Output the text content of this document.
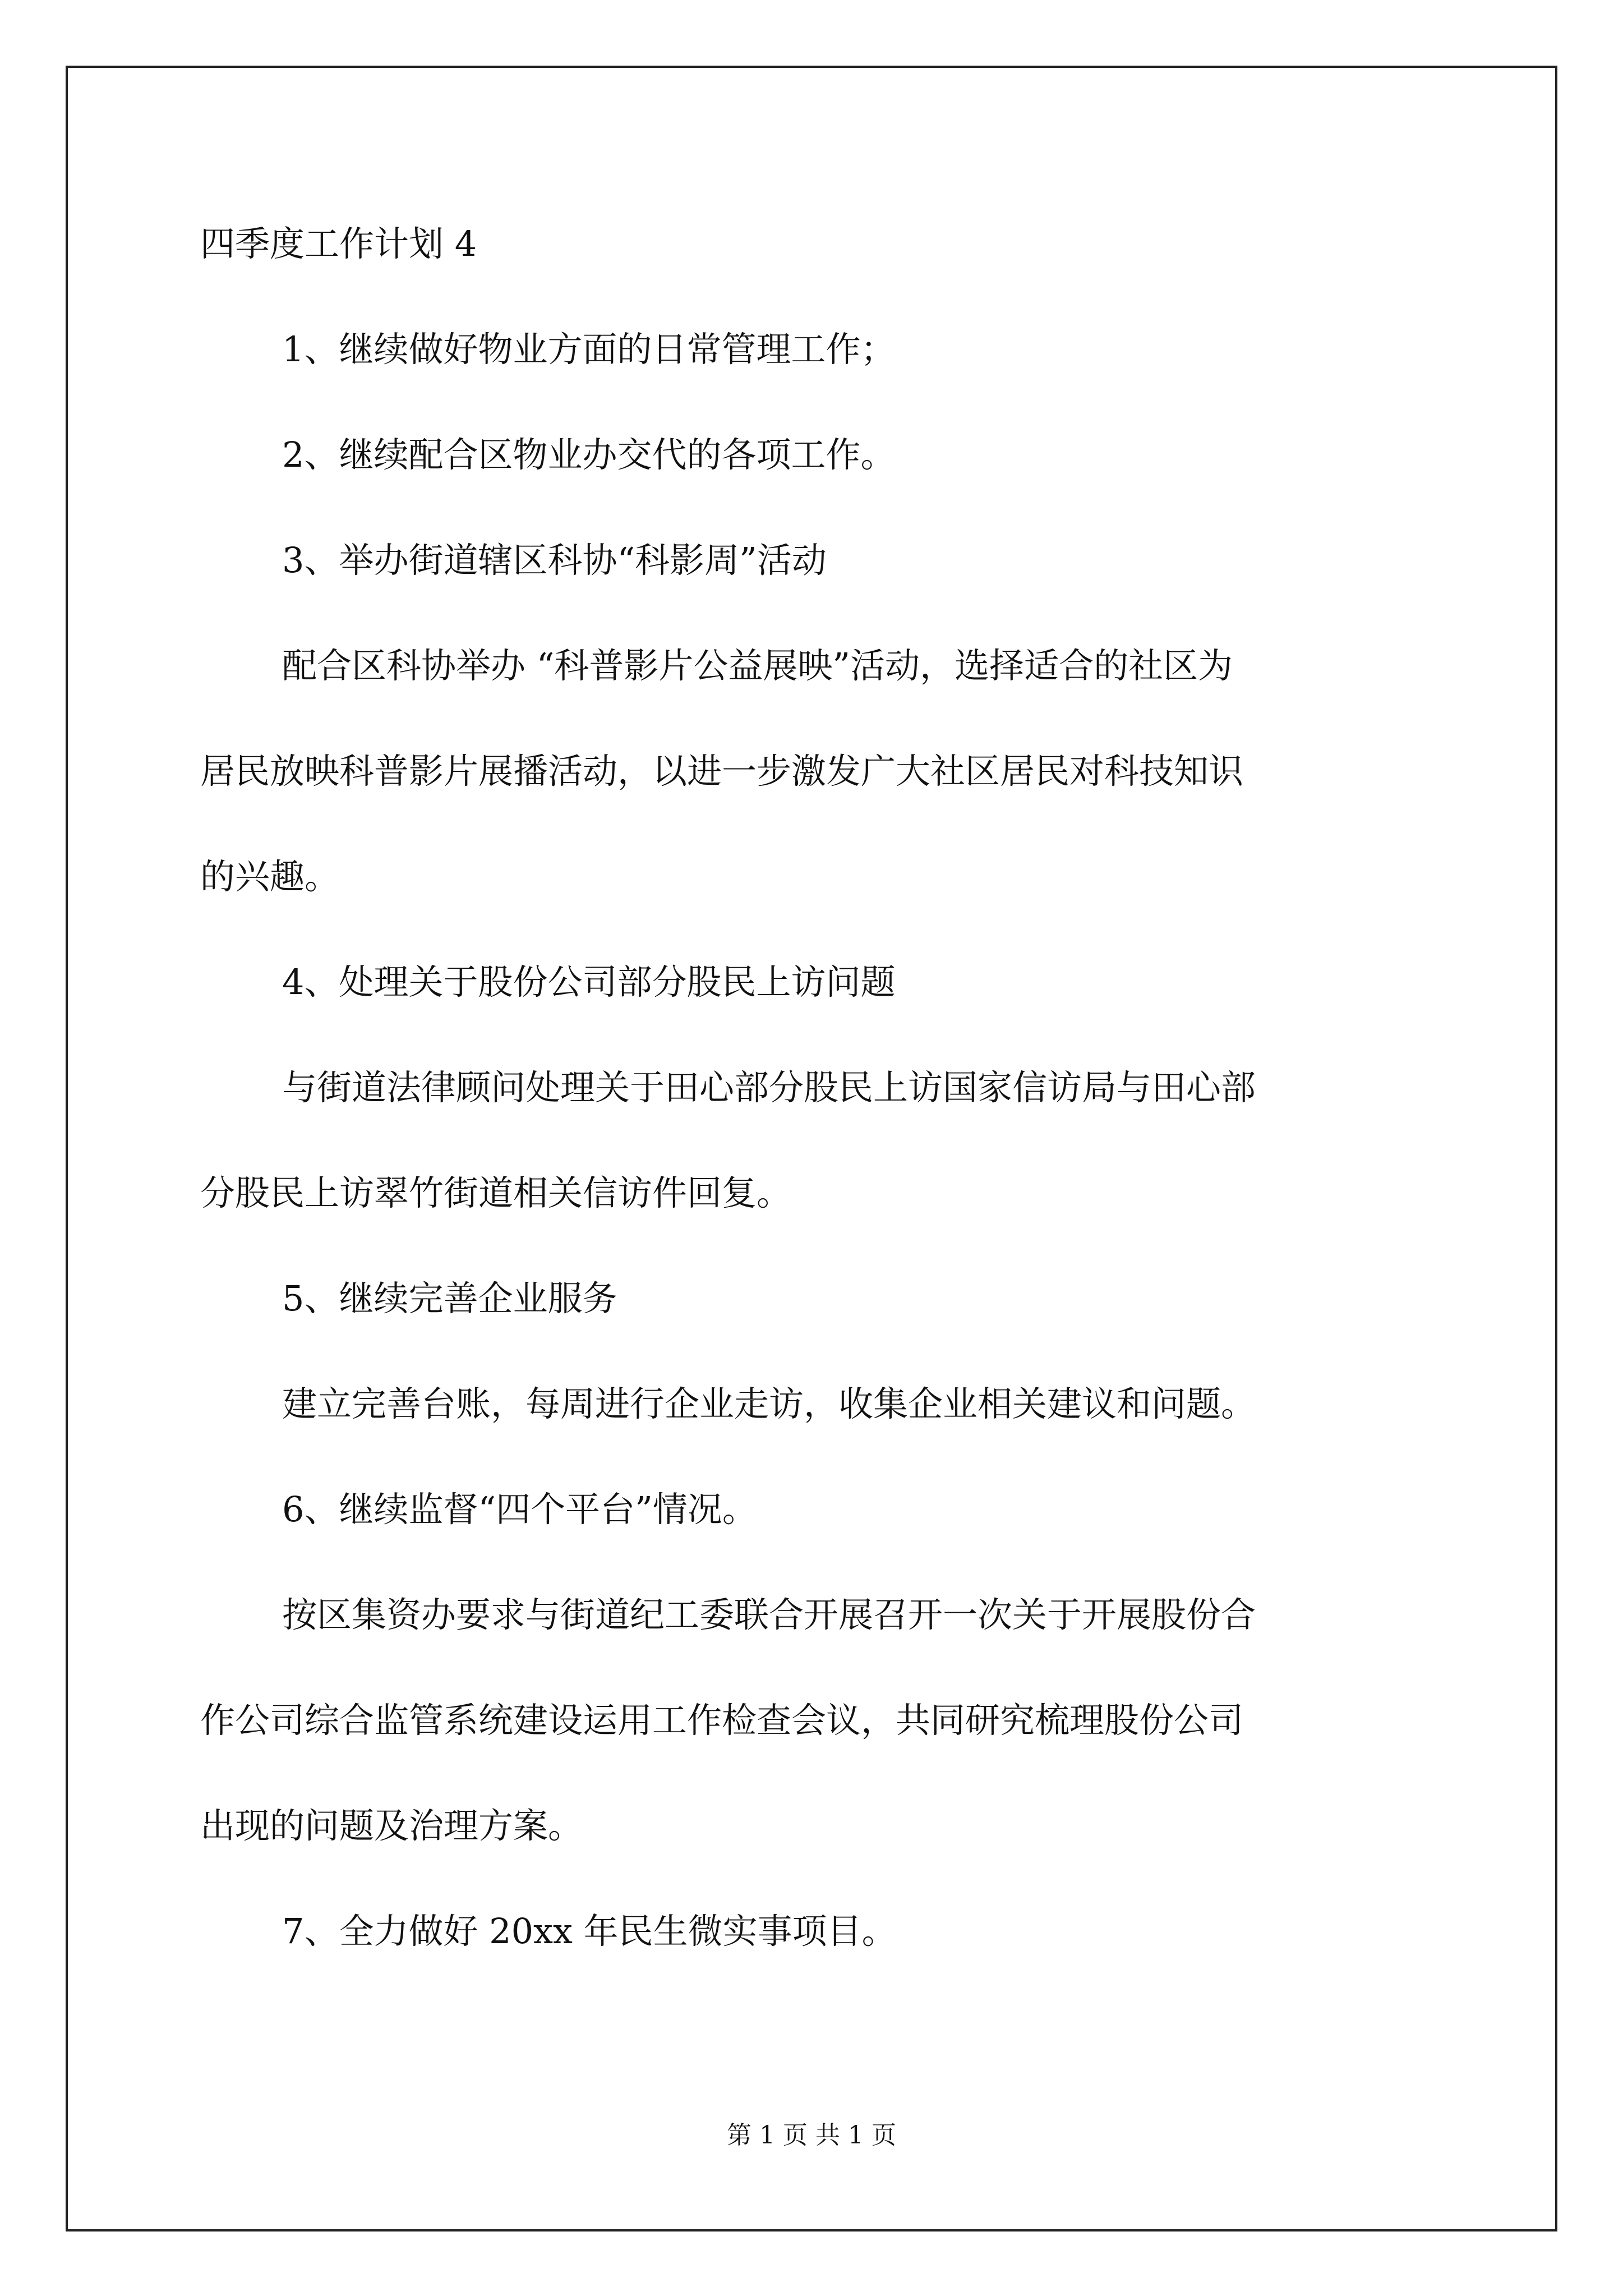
四季度工作计划 4

1、继续做好物业方面的日常管理工作；

2、继续配合区物业办交代的各项工作。

3、举办街道辖区科协“科影周”活动

配合区科协举办 “科普影片公益展映”活动，选择适合的社区为
居民放映科普影片展播活动，以进一步激发广大社区居民对科技知识
的兴趣。

4、处理关于股份公司部分股民上访问题

与街道法律顾问处理关于田心部分股民上访国家信访局与田心部
分股民上访翠竹街道相关信访件回复。

5、继续完善企业服务

建立完善台账，每周进行企业走访，收集企业相关建议和问题。

6、继续监督“四个平台”情况。

按区集资办要求与街道纪工委联合开展召开一次关于开展股份合
作公司综合监管系统建设运用工作检查会议，共同研究梳理股份公司
出现的问题及治理方案。

7、全力做好 20xx 年民生微实事项目。

第 1 页 共 1 页
